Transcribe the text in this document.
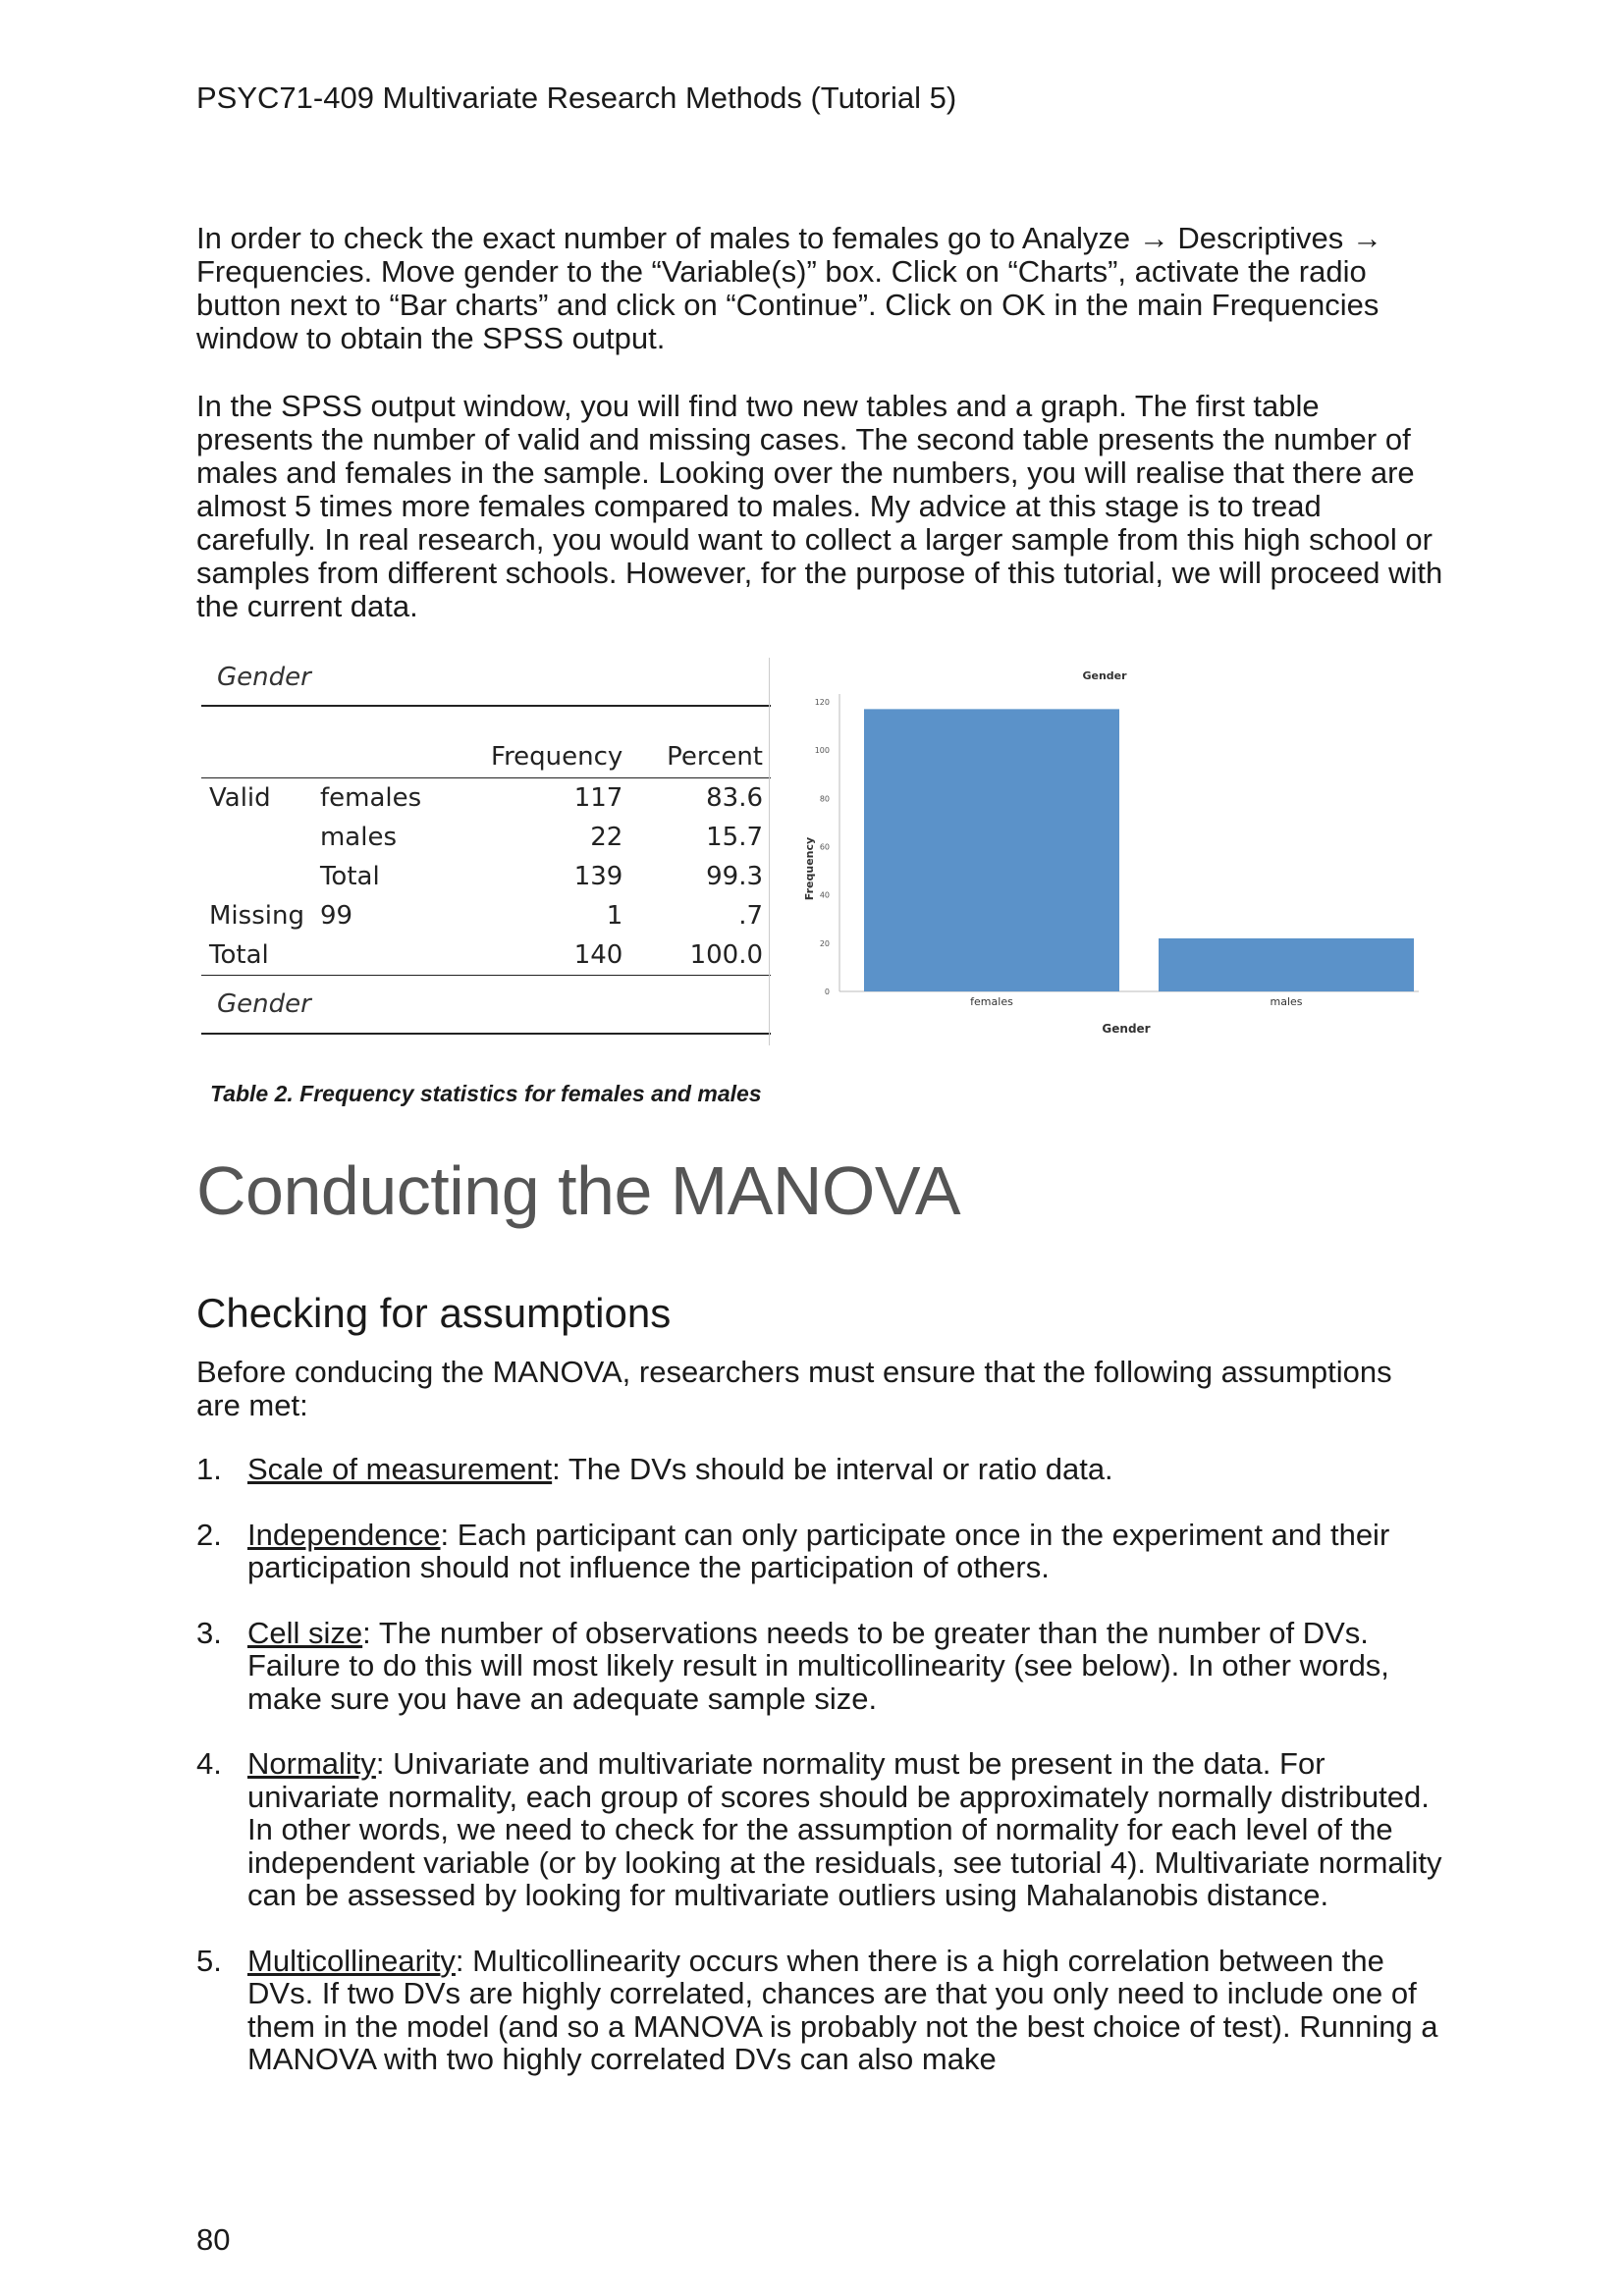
PSYC71-409 Multivariate Research Methods (Tutorial 5)
In order to check the exact number of males to females go to Analyze → Descriptives → Frequencies. Move gender to the “Variable(s)” box. Click on “Charts”, activate the radio button next to “Bar charts” and click on “Continue”. Click on OK in the main Frequencies window to obtain the SPSS output.
In the SPSS output window, you will find two new tables and a graph. The first table presents the number of valid and missing cases. The second table presents the number of males and females in the sample. Looking over the numbers, you will realise that there are almost 5 times more females compared to males. My advice at this stage is to tread carefully. In real research, you would want to collect a larger sample from this high school or samples from different schools. However, for the purpose of this tutorial, we will proceed with the current data.
Gender
		Frequency	Percent
Valid	females	117	83.6
	males	22	15.7
	Total	139	99.3
Missing	99	1	.7
Total		140	100.0
Gender
Gender
0
20
40
60
80
100
120
females	males
Frequency
Gender
Table 2. Frequency statistics for females and males
Conducting the MANOVA
Checking for assumptions
Before conducing the MANOVA, researchers must ensure that the following assumptions are met:
1. Scale of measurement: The DVs should be interval or ratio data.
2. Independence: Each participant can only participate once in the experiment and their participation should not influence the participation of others.
3. Cell size: The number of observations needs to be greater than the number of DVs. Failure to do this will most likely result in multicollinearity (see below). In other words, make sure you have an adequate sample size.
4. Normality: Univariate and multivariate normality must be present in the data. For univariate normality, each group of scores should be approximately normally distributed. In other words, we need to check for the assumption of normality for each level of the independent variable (or by looking at the residuals, see tutorial 4). Multivariate normality can be assessed by looking for multivariate outliers using Mahalanobis distance.
5. Multicollinearity: Multicollinearity occurs when there is a high correlation between the DVs. If two DVs are highly correlated, chances are that you only need to include one of them in the model (and so a MANOVA is probably not the best choice of test). Running a MANOVA with two highly correlated DVs can also make
80
